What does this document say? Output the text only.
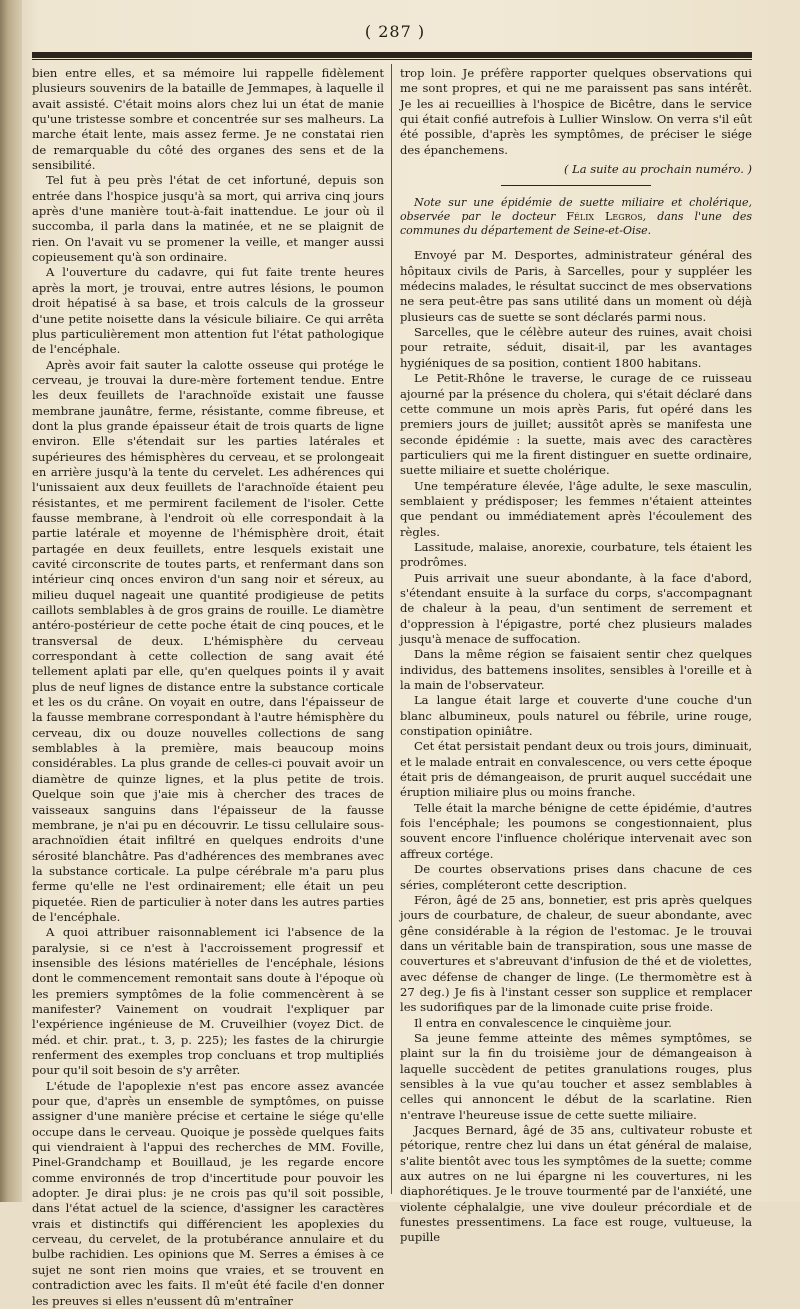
( 287 )

bien entre elles, et sa mémoire lui rappelle fidèlement plusieurs souvenirs de la bataille de Jemmapes, à laquelle il avait assisté. C'était moins alors chez lui un état de manie qu'une tristesse sombre et concentrée sur ses malheurs. La marche était lente, mais assez ferme. Je ne constatai rien de remarquable du côté des organes des sens et de la sensibilité.

Tel fut à peu près l'état de cet infortuné, depuis son entrée dans l'hospice jusqu'à sa mort, qui arriva cinq jours après d'une manière tout-à-fait inattendue. Le jour où il succomba, il parla dans la matinée, et ne se plaignit de rien. On l'avait vu se promener la veille, et manger aussi copieusement qu'à son ordinaire.

A l'ouverture du cadavre, qui fut faite trente heures après la mort, je trouvai, entre autres lésions, le poumon droit hépatisé à sa base, et trois calculs de la grosseur d'une petite noisette dans la vésicule biliaire. Ce qui arrêta plus particulièrement mon attention fut l'état pathologique de l'encéphale.

Après avoir fait sauter la calotte osseuse qui protége le cerveau, je trouvai la dure-mère fortement tendue. Entre les deux feuillets de l'arachnoïde existait une fausse membrane jaunâtre, ferme, résistante, comme fibreuse, et dont la plus grande épaisseur était de trois quarts de ligne environ. Elle s'étendait sur les parties latérales et supérieures des hémisphères du cerveau, et se prolongeait en arrière jusqu'à la tente du cervelet. Les adhérences qui l'unissaient aux deux feuillets de l'arachnoïde étaient peu résistantes, et me permirent facilement de l'isoler. Cette fausse membrane, à l'endroit où elle correspondait à la partie latérale et moyenne de l'hémisphère droit, était partagée en deux feuillets, entre lesquels existait une cavité circonscrite de toutes parts, et renfermant dans son intérieur cinq onces environ d'un sang noir et séreux, au milieu duquel nageait une quantité prodigieuse de petits caillots semblables à de gros grains de rouille. Le diamètre antéro-postérieur de cette poche était de cinq pouces, et le transversal de deux. L'hémisphère du cerveau correspondant à cette collection de sang avait été tellement aplati par elle, qu'en quelques points il y avait plus de neuf lignes de distance entre la substance corticale et les os du crâne. On voyait en outre, dans l'épaisseur de la fausse membrane correspondant à l'autre hémisphère du cerveau, dix ou douze nouvelles collections de sang semblables à la première, mais beaucoup moins considérables. La plus grande de celles-ci pouvait avoir un diamètre de quinze lignes, et la plus petite de trois. Quelque soin que j'aie mis à chercher des traces de vaisseaux sanguins dans l'épaisseur de la fausse membrane, je n'ai pu en découvrir. Le tissu cellulaire sous-arachnoïdien était infiltré en quelques endroits d'une sérosité blanchâtre. Pas d'adhérences des membranes avec la substance corticale. La pulpe cérébrale m'a paru plus ferme qu'elle ne l'est ordinairement; elle était un peu piquetée. Rien de particulier à noter dans les autres parties de l'encéphale.

A quoi attribuer raisonnablement ici l'absence de la paralysie, si ce n'est à l'accroissement progressif et insensible des lésions matérielles de l'encéphale, lésions dont le commencement remontait sans doute à l'époque où les premiers symptômes de la folie commencèrent à se manifester? Vainement on voudrait l'expliquer par l'expérience ingénieuse de M. Cruveilhier (voyez Dict. de méd. et chir. prat., t. 3, p. 225); les fastes de la chirurgie renferment des exemples trop concluans et trop multipliés pour qu'il soit besoin de s'y arrêter.

L'étude de l'apoplexie n'est pas encore assez avancée pour que, d'après un ensemble de symptômes, on puisse assigner d'une manière précise et certaine le siége qu'elle occupe dans le cerveau. Quoique je possède quelques faits qui viendraient à l'appui des recherches de MM. Foville, Pinel-Grandchamp et Bouillaud, je les regarde encore comme environnés de trop d'incertitude pour pouvoir les adopter. Je dirai plus: je ne crois pas qu'il soit possible, dans l'état actuel de la science, d'assigner les caractères vrais et distinctifs qui différencient les apoplexies du cerveau, du cervelet, de la protubérance annulaire et du bulbe rachidien. Les opinions que M. Serres a émises à ce sujet ne sont rien moins que vraies, et se trouvent en contradiction avec les faits. Il m'eût été facile d'en donner les preuves si elles n'eussent dû m'entraîner

trop loin. Je préfère rapporter quelques observations qui me sont propres, et qui ne me paraissent pas sans intérêt. Je les ai recueillies à l'hospice de Bicêtre, dans le service qui était confié autrefois à Lullier Winslow. On verra s'il eût été possible, d'après les symptômes, de préciser le siége des épanchemens.

( La suite au prochain numéro. )
Note sur une épidémie de suette miliaire et cholérique, observée par le docteur Félix Legros, dans l'une des communes du département de Seine-et-Oise.

Envoyé par M. Desportes, administrateur général des hôpitaux civils de Paris, à Sarcelles, pour y suppléer les médecins malades, le résultat succinct de mes observations ne sera peut-être pas sans utilité dans un moment où déjà plusieurs cas de suette se sont déclarés parmi nous.

Sarcelles, que le célèbre auteur des ruines, avait choisi pour retraite, séduit, disait-il, par les avantages hygiéniques de sa position, contient 1800 habitans.

Le Petit-Rhône le traverse, le curage de ce ruisseau ajourné par la présence du cholera, qui s'était déclaré dans cette commune un mois après Paris, fut opéré dans les premiers jours de juillet; aussitôt après se manifesta une seconde épidémie : la suette, mais avec des caractères particuliers qui me la firent distinguer en suette ordinaire, suette miliaire et suette cholérique.

Une température élevée, l'âge adulte, le sexe masculin, semblaient y prédisposer; les femmes n'étaient atteintes que pendant ou immédiatement après l'écoulement des règles.

Lassitude, malaise, anorexie, courbature, tels étaient les prodrômes.

Puis arrivait une sueur abondante, à la face d'abord, s'étendant ensuite à la surface du corps, s'accompagnant de chaleur à la peau, d'un sentiment de serrement et d'oppression à l'épigastre, porté chez plusieurs malades jusqu'à menace de suffocation.

Dans la même région se faisaient sentir chez quelques individus, des battemens insolites, sensibles à l'oreille et à la main de l'observateur.

La langue était large et couverte d'une couche d'un blanc albumineux, pouls naturel ou fébrile, urine rouge, constipation opiniâtre.

Cet état persistait pendant deux ou trois jours, diminuait, et le malade entrait en convalescence, ou vers cette époque était pris de démangeaison, de prurit auquel succédait une éruption miliaire plus ou moins franche.

Telle était la marche bénigne de cette épidémie, d'autres fois l'encéphale; les poumons se congestionnaient, plus souvent encore l'influence cholérique intervenait avec son affreux cortége.

De courtes observations prises dans chacune de ces séries, compléteront cette description.

Féron, âgé de 25 ans, bonnetier, est pris après quelques jours de courbature, de chaleur, de sueur abondante, avec gêne considérable à la région de l'estomac. Je le trouvai dans un véritable bain de transpiration, sous une masse de couvertures et s'abreuvant d'infusion de thé et de violettes, avec défense de changer de linge. (Le thermomètre est à 27 deg.) Je fis à l'instant cesser son supplice et remplacer les sudorifiques par de la limonade cuite prise froide.

Il entra en convalescence le cinquième jour.

Sa jeune femme atteinte des mêmes symptômes, se plaint sur la fin du troisième jour de démangeaison à laquelle succèdent de petites granulations rouges, plus sensibles à la vue qu'au toucher et assez semblables à celles qui annoncent le début de la scarlatine. Rien n'entrave l'heureuse issue de cette suette miliaire.

Jacques Bernard, âgé de 35 ans, cultivateur robuste et pétorique, rentre chez lui dans un état général de malaise, s'alite bientôt avec tous les symptômes de la suette; comme aux autres on ne lui épargne ni les couvertures, ni les diaphorétiques. Je le trouve tourmenté par de l'anxiété, une violente céphalalgie, une vive douleur précordiale et de funestes pressentimens. La face est rouge, vultueuse, la pupille
